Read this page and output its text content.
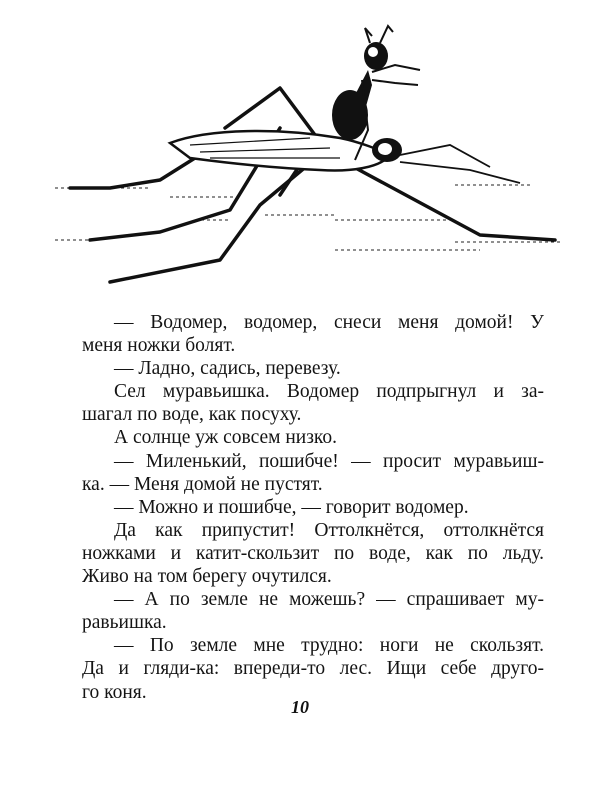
— Водомер, водомер, снеси меня домой! У
меня ножки болят.
— Ладно, садись, перевезу.
Сел муравьишка. Водомер подпрыгнул и за-
шагал по воде, как посуху.
А солнце уж совсем низко.
— Миленький, пошибче! — просит муравьиш-
ка. — Меня домой не пустят.
— Можно и пошибче, — говорит водомер.
Да как припустит! Оттолкнётся, оттолкнётся
ножками и катит-скользит по воде, как по льду.
Живо на том берегу очутился.
— А по земле не можешь? — спрашивает му-
равьишка.
— По земле мне трудно: ноги не скользят.
Да и гляди-ка: впереди-то лес. Ищи себе друго-
го коня.
10
